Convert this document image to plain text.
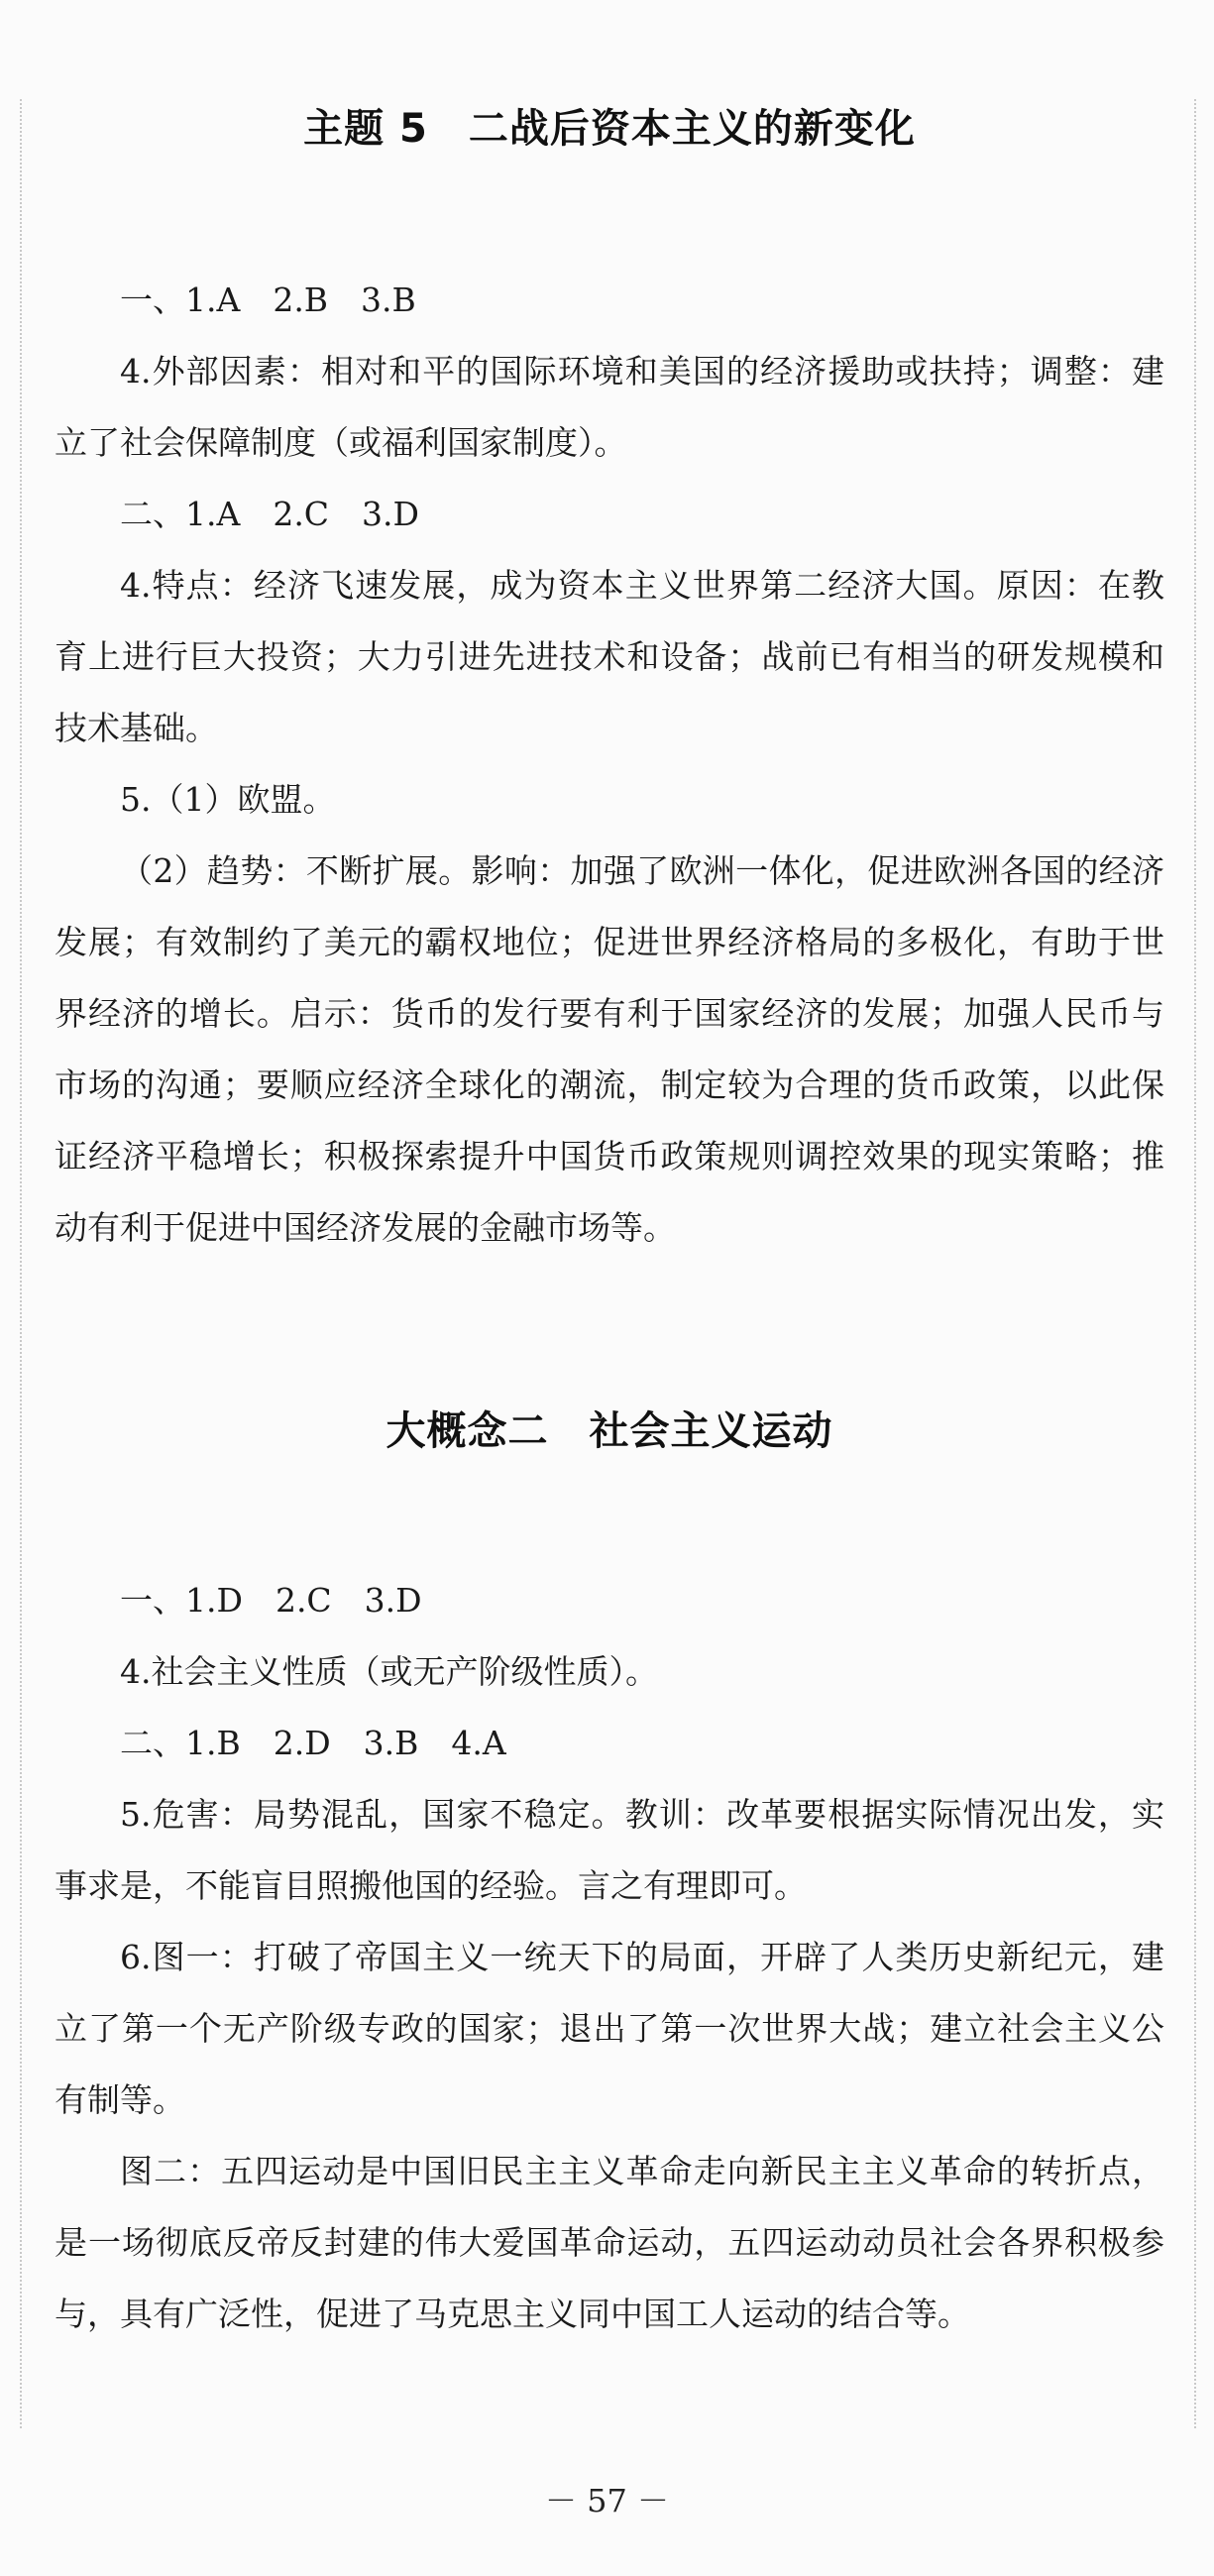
主题 5　二战后资本主义的新变化

一、1.A　2.B　3.B

4.外部因素：相对和平的国际环境和美国的经济援助或扶持；调整：建立了社会保障制度（或福利国家制度）。

二、1.A　2.C　3.D

4.特点：经济飞速发展，成为资本主义世界第二经济大国。原因：在教育上进行巨大投资；大力引进先进技术和设备；战前已有相当的研发规模和技术基础。

5.（1）欧盟。

（2）趋势：不断扩展。影响：加强了欧洲一体化，促进欧洲各国的经济发展；有效制约了美元的霸权地位；促进世界经济格局的多极化，有助于世界经济的增长。启示：货币的发行要有利于国家经济的发展；加强人民币与市场的沟通；要顺应经济全球化的潮流，制定较为合理的货币政策，以此保证经济平稳增长；积极探索提升中国货币政策规则调控效果的现实策略；推动有利于促进中国经济发展的金融市场等。

大概念二　社会主义运动

一、1.D　2.C　3.D

4.社会主义性质（或无产阶级性质）。

二、1.B　2.D　3.B　4.A

5.危害：局势混乱，国家不稳定。教训：改革要根据实际情况出发，实事求是，不能盲目照搬他国的经验。言之有理即可。

6.图一：打破了帝国主义一统天下的局面，开辟了人类历史新纪元，建立了第一个无产阶级专政的国家；退出了第一次世界大战；建立社会主义公有制等。

图二：五四运动是中国旧民主主义革命走向新民主主义革命的转折点，是一场彻底反帝反封建的伟大爱国革命运动，五四运动动员社会各界积极参与，具有广泛性，促进了马克思主义同中国工人运动的结合等。

－ 57 －
